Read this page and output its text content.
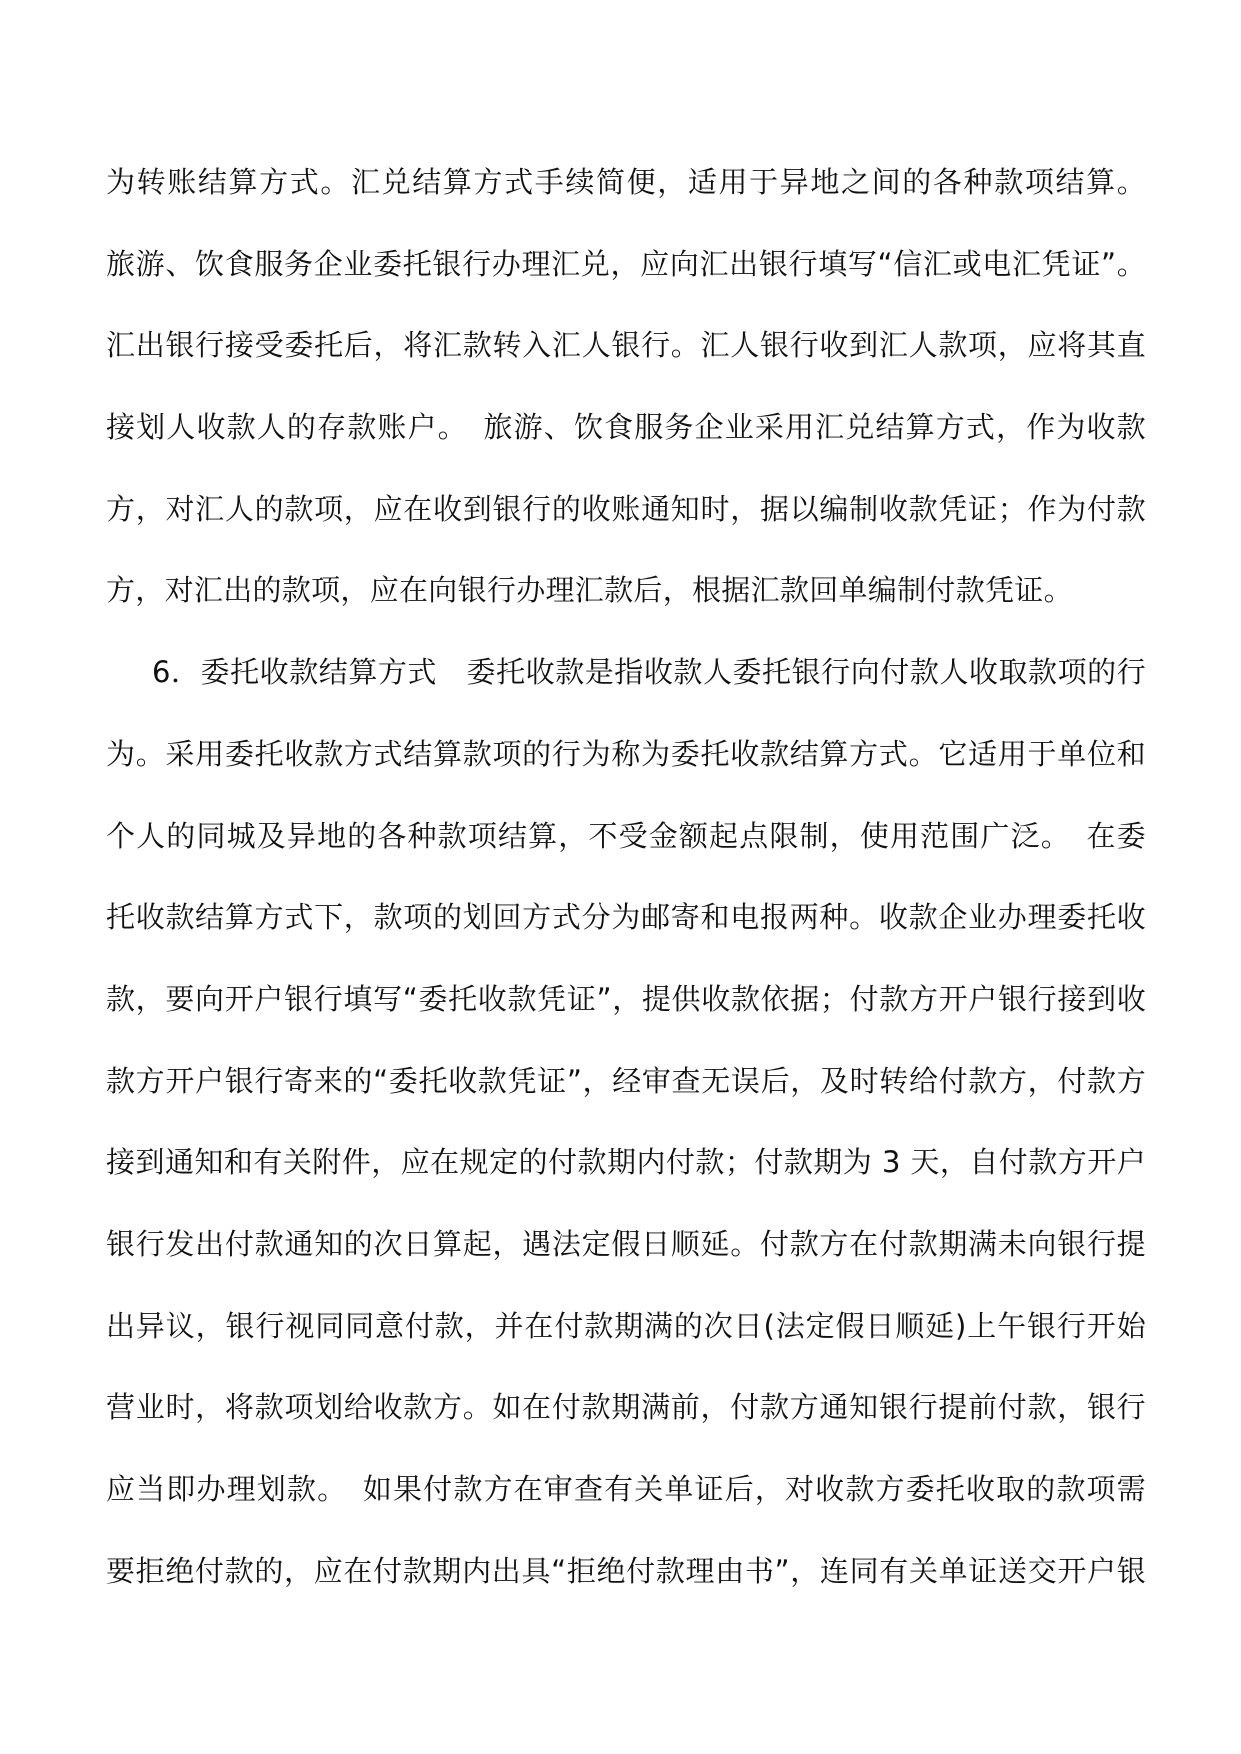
为转账结算方式。汇兑结算方式手续简便，适用于异地之间的各种款项结算。
旅游、饮食服务企业委托银行办理汇兑，应向汇出银行填写“信汇或电汇凭证”。
汇出银行接受委托后，将汇款转入汇人银行。汇人银行收到汇人款项，应将其直
接划人收款人的存款账户。　旅游、饮食服务企业采用汇兑结算方式，作为收款
方，对汇人的款项，应在收到银行的收账通知时，据以编制收款凭证；作为付款
方，对汇出的款项，应在向银行办理汇款后，根据汇款回单编制付款凭证。
6．委托收款结算方式　委托收款是指收款人委托银行向付款人收取款项的行
为。采用委托收款方式结算款项的行为称为委托收款结算方式。它适用于单位和
个人的同城及异地的各种款项结算，不受金额起点限制，使用范围广泛。　在委
托收款结算方式下，款项的划回方式分为邮寄和电报两种。收款企业办理委托收
款，要向开户银行填写“委托收款凭证”，提供收款依据；付款方开户银行接到收
款方开户银行寄来的“委托收款凭证”，经审查无误后，及时转给付款方，付款方
接到通知和有关附件，应在规定的付款期内付款；付款期为 3 天，自付款方开户
银行发出付款通知的次日算起，遇法定假日顺延。付款方在付款期满未向银行提
出异议，银行视同同意付款，并在付款期满的次日(法定假日顺延)上午银行开始
营业时，将款项划给收款方。如在付款期满前，付款方通知银行提前付款，银行
应当即办理划款。　如果付款方在审查有关单证后，对收款方委托收取的款项需
要拒绝付款的，应在付款期内出具“拒绝付款理由书”，连同有关单证送交开户银
